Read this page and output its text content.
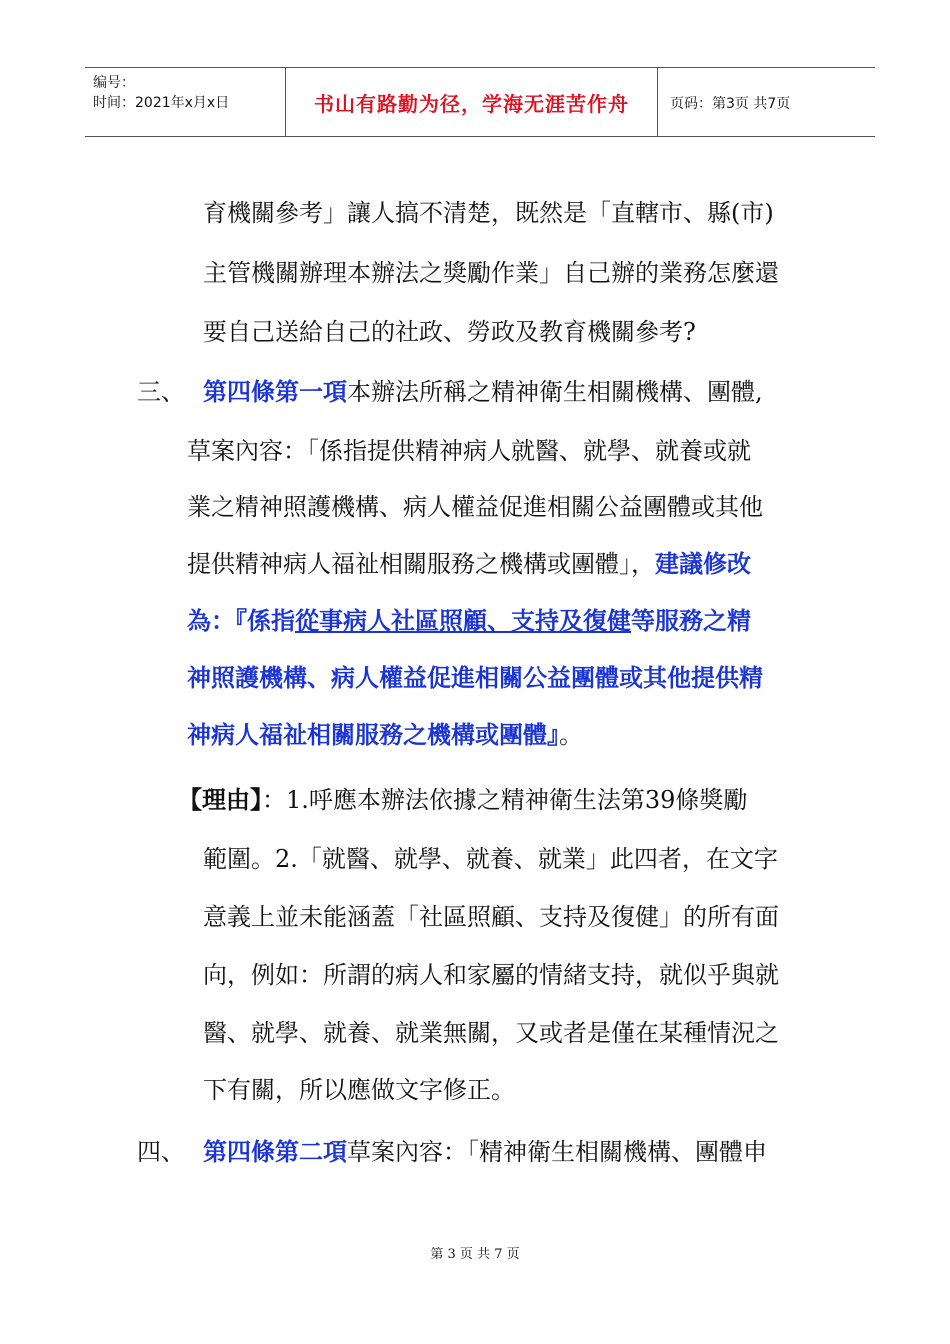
编号：
时间：2021年x月x日	书山有路勤为径，学海无涯苦作舟	页码：第3页 共7页
育機關參考」讓人搞不清楚，既然是「直轄市、縣(市)
主管機關辦理本辦法之獎勵作業」自己辦的業務怎麼還
要自己送給自己的社政、勞政及教育機關參考?
三、 第四條第一項本辦法所稱之精神衛生相關機構、團體,
草案內容：「係指提供精神病人就醫、就學、就養或就
業之精神照護機構、病人權益促進相關公益團體或其他
提供精神病人福祉相關服務之機構或團體」，建議修改
為：『係指從事病人社區照顧、支持及復健等服務之精
神照護機構、病人權益促進相關公益團體或其他提供精
神病人福祉相關服務之機構或團體』。
【理由】：1.呼應本辦法依據之精神衛生法第39條獎勵
範圍。2.「就醫、就學、就養、就業」此四者，在文字
意義上並未能涵蓋「社區照顧、支持及復健」的所有面
向，例如：所謂的病人和家屬的情緒支持，就似乎與就
醫、就學、就養、就業無關，又或者是僅在某種情況之
下有關，所以應做文字修正。
四、 第四條第二項草案內容：「精神衛生相關機構、團體申
第 3 页 共 7 页
